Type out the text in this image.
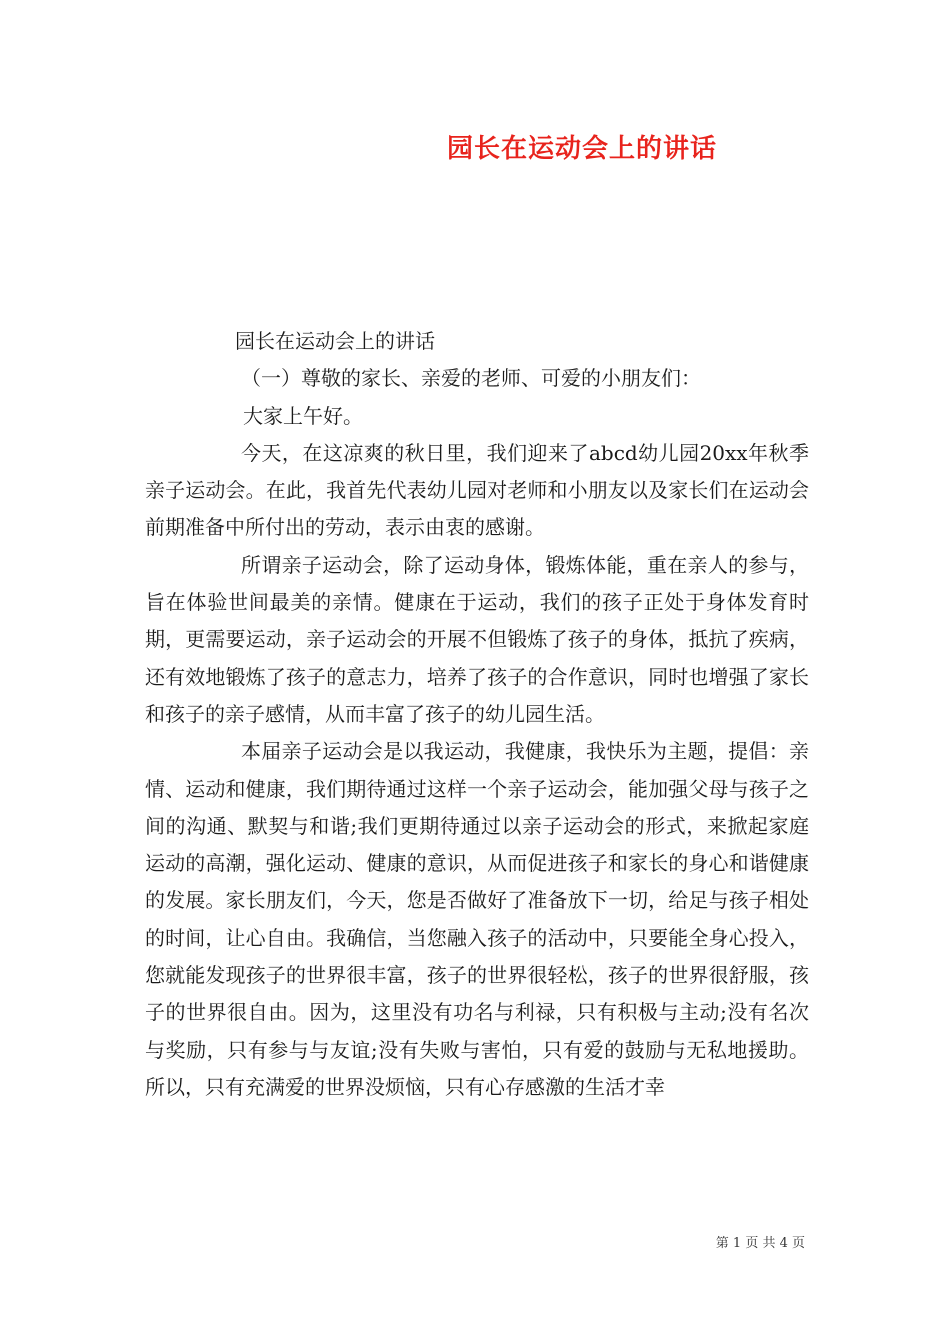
园长在运动会上的讲话

园长在运动会上的讲话

（一）尊敬的家长、亲爱的老师、可爱的小朋友们：

大家上午好。

今天，在这凉爽的秋日里，我们迎来了abcd幼儿园20xx年秋季亲子运动会。在此，我首先代表幼儿园对老师和小朋友以及家长们在运动会前期准备中所付出的劳动，表示由衷的感谢。

所谓亲子运动会，除了运动身体，锻炼体能，重在亲人的参与，旨在体验世间最美的亲情。健康在于运动，我们的孩子正处于身体发育时期，更需要运动，亲子运动会的开展不但锻炼了孩子的身体，抵抗了疾病，还有效地锻炼了孩子的意志力，培养了孩子的合作意识，同时也增强了家长和孩子的亲子感情，从而丰富了孩子的幼儿园生活。

本届亲子运动会是以我运动，我健康，我快乐为主题，提倡：亲情、运动和健康，我们期待通过这样一个亲子运动会，能加强父母与孩子之间的沟通、默契与和谐;我们更期待通过以亲子运动会的形式，来掀起家庭运动的高潮，强化运动、健康的意识，从而促进孩子和家长的身心和谐健康的发展。家长朋友们，今天，您是否做好了准备放下一切，给足与孩子相处的时间，让心自由。我确信，当您融入孩子的活动中，只要能全身心投入，您就能发现孩子的世界很丰富，孩子的世界很轻松，孩子的世界很舒服，孩子的世界很自由。因为，这里没有功名与利禄，只有积极与主动;没有名次与奖励，只有参与与友谊;没有失败与害怕，只有爱的鼓励与无私地援助。所以，只有充满爱的世界没烦恼，只有心存感激的生活才幸

第 1 页 共 4 页
